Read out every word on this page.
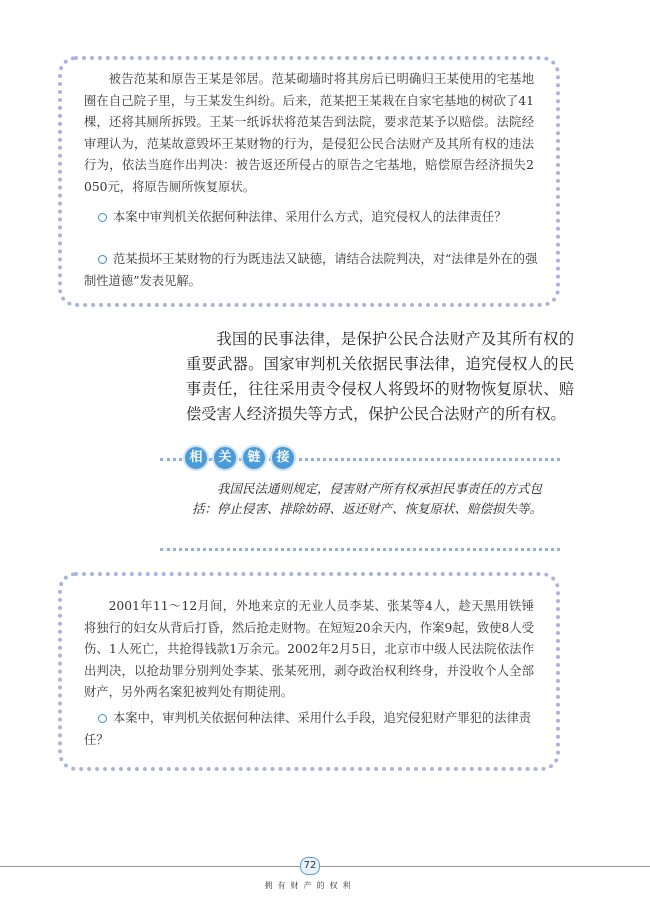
被告范某和原告王某是邻居。范某砌墙时将其房后已明确归王某使用的宅基地圈在自己院子里，与王某发生纠纷。后来，范某把王某栽在自家宅基地的树砍了41棵，还将其厕所拆毁。王某一纸诉状将范某告到法院，要求范某予以赔偿。法院经审理认为，范某故意毁坏王某财物的行为，是侵犯公民合法财产及其所有权的违法行为，依法当庭作出判决：被告返还所侵占的原告之宅基地，赔偿原告经济损失2 050元，将原告厕所恢复原状。

本案中审判机关依据何种法律、采用什么方式，追究侵权人的法律责任？

范某损坏王某财物的行为既违法又缺德，请结合法院判决，对“法律是外在的强制性道德”发表见解。

我国的民事法律，是保护公民合法财产及其所有权的重要武器。国家审判机关依据民事法律，追究侵权人的民事责任，往往采用责令侵权人将毁坏的财物恢复原状、赔偿受害人经济损失等方式，保护公民合法财产的所有权。

相	关	链	接

我国民法通则规定，侵害财产所有权承担民事责任的方式包括：停止侵害、排除妨碍、返还财产、恢复原状、赔偿损失等。

2001年11～12月间，外地来京的无业人员李某、张某等4人，趁天黑用铁锤将独行的妇女从背后打昏，然后抢走财物。在短短20余天内，作案9起，致使8人受伤、1人死亡，共抢得钱款1万余元。2002年2月5日，北京市中级人民法院依法作出判决，以抢劫罪分别判处李某、张某死刑，剥夺政治权利终身，并没收个人全部财产，另外两名案犯被判处有期徒刑。

本案中，审判机关依据何种法律、采用什么手段，追究侵犯财产罪犯的法律责任？

72
拥有财产的权利
